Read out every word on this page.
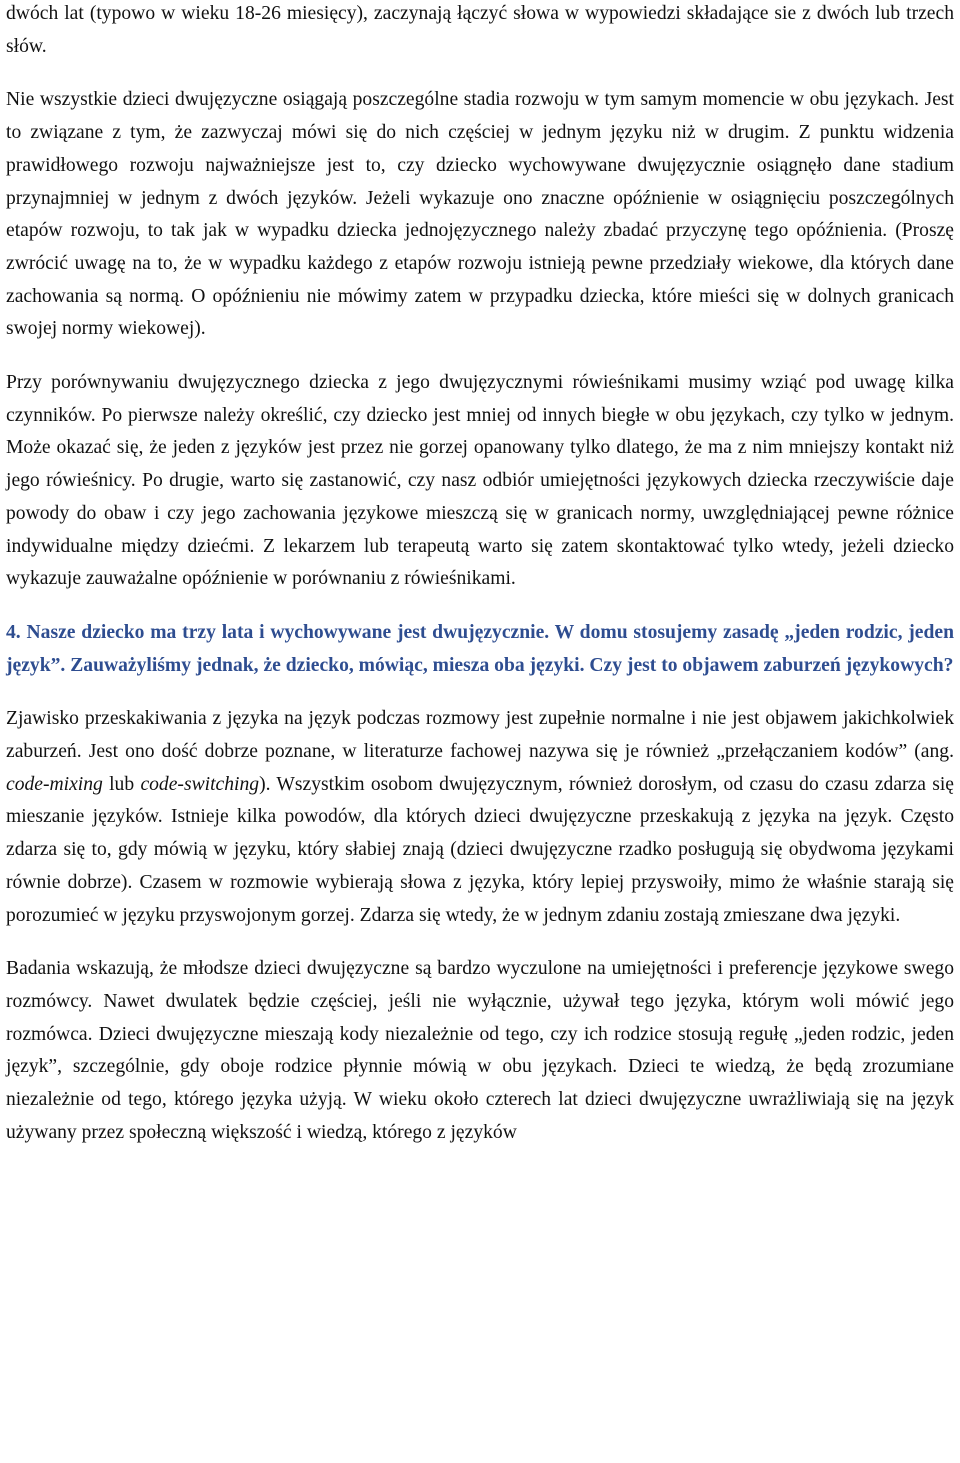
dwóch lat (typowo w wieku 18-26 miesięcy), zaczynają łączyć słowa w wypowiedzi składające sie z dwóch lub trzech słów.

Nie wszystkie dzieci dwujęzyczne osiągają poszczególne stadia rozwoju w tym samym momencie w obu językach. Jest to związane z tym, że zazwyczaj mówi się do nich częściej w jednym języku niż w drugim. Z punktu widzenia prawidłowego rozwoju najważniejsze jest to, czy dziecko wychowywane dwujęzycznie osiągnęło dane stadium przynajmniej w jednym z dwóch języków. Jeżeli wykazuje ono znaczne opóźnienie w osiągnięciu poszczególnych etapów rozwoju, to tak jak w wypadku dziecka jednojęzycznego należy zbadać przyczynę tego opóźnienia. (Proszę zwrócić uwagę na to, że w wypadku każdego z etapów rozwoju istnieją pewne przedziały wiekowe, dla których dane zachowania są normą. O opóźnieniu nie mówimy zatem w przypadku dziecka, które mieści się w dolnych granicach swojej normy wiekowej).

Przy porównywaniu dwujęzycznego dziecka z jego dwujęzycznymi rówieśnikami musimy wziąć pod uwagę kilka czynników. Po pierwsze należy określić, czy dziecko jest mniej od innych biegłe w obu językach, czy tylko w jednym. Może okazać się, że jeden z języków jest przez nie gorzej opanowany tylko dlatego, że ma z nim mniejszy kontakt niż jego rówieśnicy. Po drugie, warto się zastanowić, czy nasz odbiór umiejętności językowych dziecka rzeczywiście daje powody do obaw i czy jego zachowania językowe mieszczą się w granicach normy, uwzględniającej pewne różnice indywidualne między dziećmi. Z lekarzem lub terapeutą warto się zatem skontaktować tylko wtedy, jeżeli dziecko wykazuje zauważalne opóźnienie w porównaniu z rówieśnikami.

4. Nasze dziecko ma trzy lata i wychowywane jest dwujęzycznie. W domu stosujemy zasadę „jeden rodzic, jeden język”. Zauważyliśmy jednak, że dziecko, mówiąc, miesza oba języki. Czy jest to objawem zaburzeń językowych?

Zjawisko przeskakiwania z języka na język podczas rozmowy jest zupełnie normalne i nie jest objawem jakichkolwiek zaburzeń. Jest ono dość dobrze poznane, w literaturze fachowej nazywa się je również „przełączaniem kodów” (ang. code-mixing lub code-switching). Wszystkim osobom dwujęzycznym, również dorosłym, od czasu do czasu zdarza się mieszanie języków. Istnieje kilka powodów, dla których dzieci dwujęzyczne przeskakują z języka na język. Często zdarza się to, gdy mówią w języku, który słabiej znają (dzieci dwujęzyczne rzadko posługują się obydwoma językami równie dobrze). Czasem w rozmowie wybierają słowa z języka, który lepiej przyswoiły, mimo że właśnie starają się porozumieć w języku przyswojonym gorzej. Zdarza się wtedy, że w jednym zdaniu zostają zmieszane dwa języki.

Badania wskazują, że młodsze dzieci dwujęzyczne są bardzo wyczulone na umiejętności i preferencje językowe swego rozmówcy. Nawet dwulatek będzie częściej, jeśli nie wyłącznie, używał tego języka, którym woli mówić jego rozmówca. Dzieci dwujęzyczne mieszają kody niezależnie od tego, czy ich rodzice stosują regułę „jeden rodzic, jeden język”, szczególnie, gdy oboje rodzice płynnie mówią w obu językach. Dzieci te wiedzą, że będą zrozumiane niezależnie od tego, którego języka użyją. W wieku około czterech lat dzieci dwujęzyczne uwrażliwiają się na język używany przez społeczną większość i wiedzą, którego z języków
